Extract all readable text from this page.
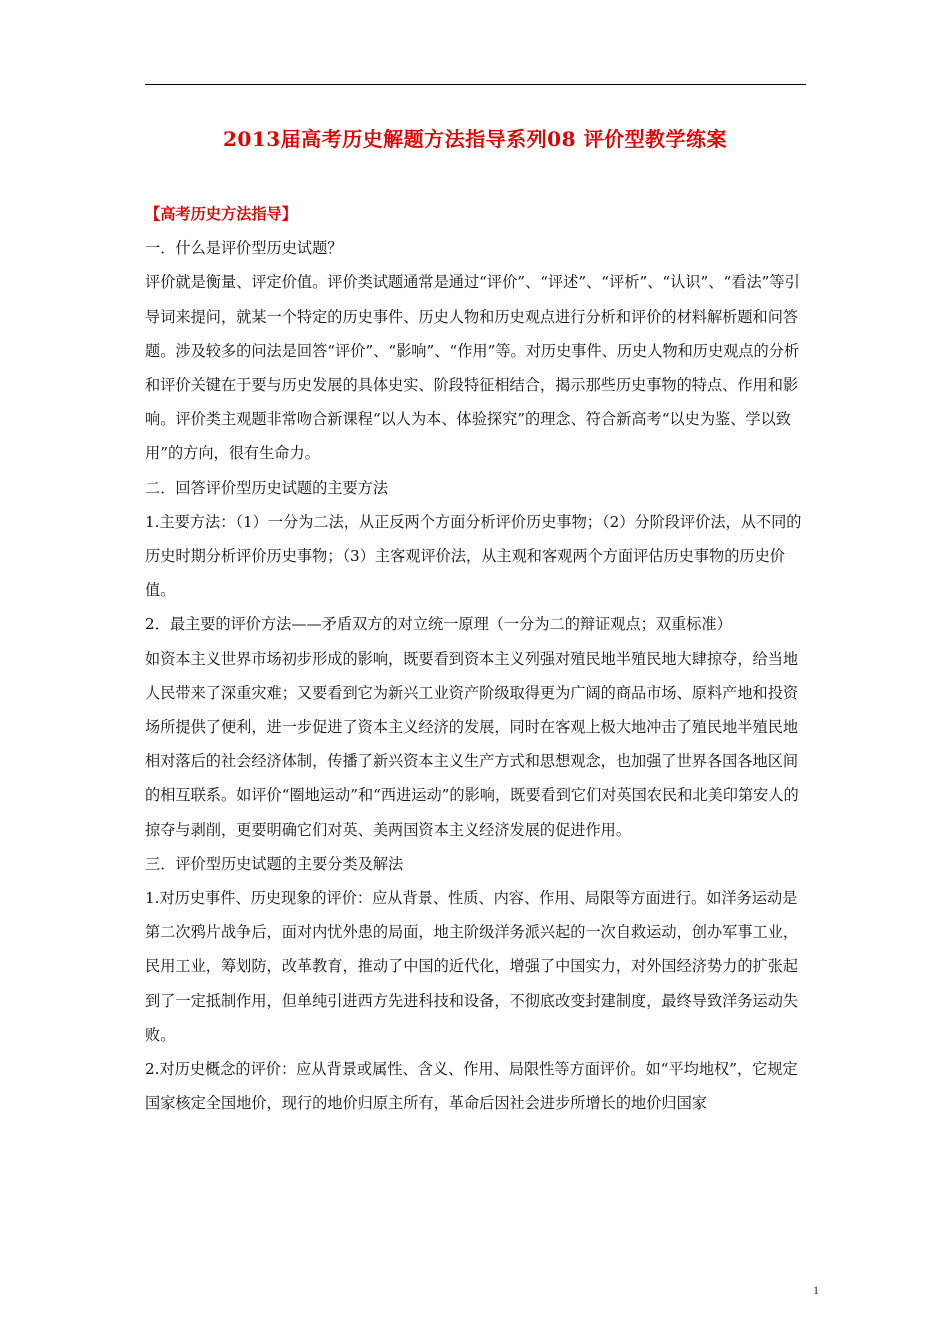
2013届高考历史解题方法指导系列08 评价型教学练案

【高考历史方法指导】

一．什么是评价型历史试题？

评价就是衡量、评定价值。评价类试题通常是通过“评价”、“评述”、“评析”、“认识”、“看法”等引导词来提问，就某一个特定的历史事件、历史人物和历史观点进行分析和评价的材料解析题和问答题。涉及较多的问法是回答“评价”、“影响”、“作用”等。对历史事件、历史人物和历史观点的分析和评价关键在于要与历史发展的具体史实、阶段特征相结合，揭示那些历史事物的特点、作用和影响。评价类主观题非常吻合新课程“以人为本、体验探究”的理念、符合新高考“以史为鉴、学以致用”的方向，很有生命力。

二．回答评价型历史试题的主要方法

1.主要方法：（1）一分为二法，从正反两个方面分析评价历史事物；（2）分阶段评价法，从不同的历史时期分析评价历史事物；（3）主客观评价法，从主观和客观两个方面评估历史事物的历史价值。

2．最主要的评价方法——矛盾双方的对立统一原理（一分为二的辩证观点；双重标准）

如资本主义世界市场初步形成的影响，既要看到资本主义列强对殖民地半殖民地大肆掠夺，给当地人民带来了深重灾难；又要看到它为新兴工业资产阶级取得更为广阔的商品市场、原料产地和投资场所提供了便利，进一步促进了资本主义经济的发展，同时在客观上极大地冲击了殖民地半殖民地相对落后的社会经济体制，传播了新兴资本主义生产方式和思想观念，也加强了世界各国各地区间的相互联系。如评价“圈地运动”和“西进运动”的影响，既要看到它们对英国农民和北美印第安人的掠夺与剥削，更要明确它们对英、美两国资本主义经济发展的促进作用。

三．评价型历史试题的主要分类及解法

1.对历史事件、历史现象的评价：应从背景、性质、内容、作用、局限等方面进行。如洋务运动是第二次鸦片战争后，面对内忧外患的局面，地主阶级洋务派兴起的一次自救运动，创办军事工业，民用工业，筹划防，改革教育，推动了中国的近代化，增强了中国实力，对外国经济势力的扩张起到了一定抵制作用，但单纯引进西方先进科技和设备，不彻底改变封建制度，最终导致洋务运动失败。

2.对历史概念的评价：应从背景或属性、含义、作用、局限性等方面评价。如“平均地权”，它规定国家核定全国地价，现行的地价归原主所有，革命后因社会进步所增长的地价归国家

1
